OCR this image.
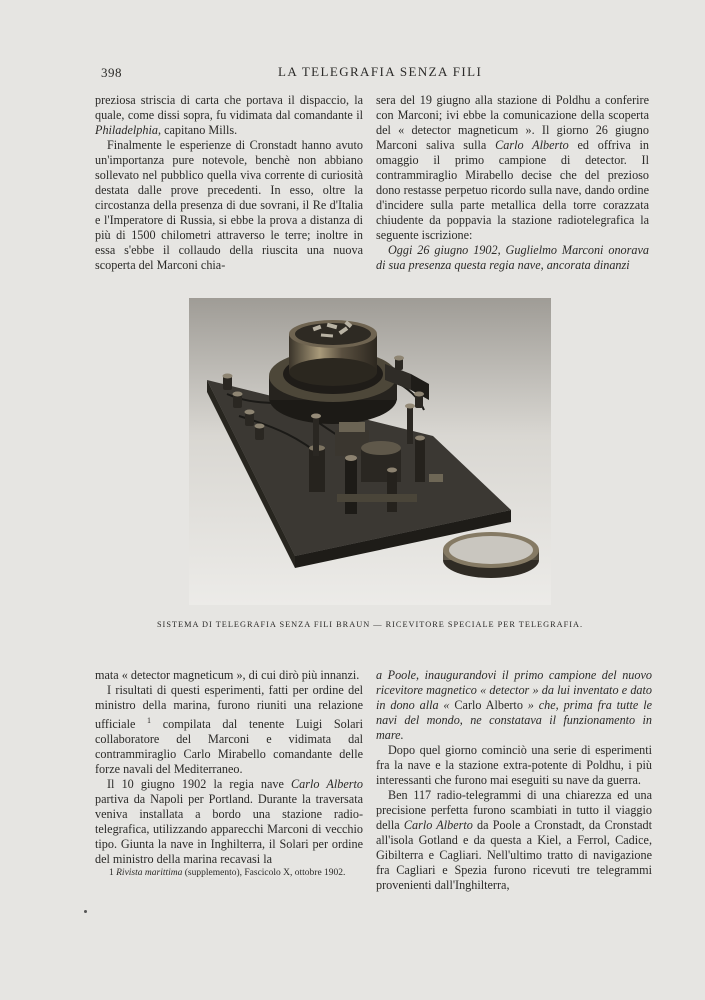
398	LA TELEGRAFIA SENZA FILI

preziosa striscia di carta che portava il dispaccio, la quale, come dissi sopra, fu vidimata dal comandante il Philadelphia, capitano Mills.

Finalmente le esperienze di Cronstadt hanno avuto un'importanza pure notevole, benchè non abbiano sollevato nel pubblico quella viva corrente di curiosità destata dalle prove precedenti. In esso, oltre la circostanza della presenza di due sovrani, il Re d'Italia e l'Imperatore di Russia, si ebbe la prova a distanza di più di 1500 chilometri attraverso le terre; inoltre in essa s'ebbe il collaudo della riuscita una nuova scoperta del Marconi chia-

sera del 19 giugno alla stazione di Poldhu a conferire con Marconi; ivi ebbe la comunicazione della scoperta del « detector magneticum ». Il giorno 26 giugno Marconi saliva sulla Carlo Alberto ed offriva in omaggio il primo campione di detector. Il contrammiraglio Mirabello decise che del prezioso dono restasse perpetuo ricordo sulla nave, dando ordine d'incidere sulla parte metallica della torre corazzata chiudente da poppavia la stazione radiotelegrafica la seguente iscrizione:

Oggi 26 giugno 1902, Guglielmo Marconi onorava di sua presenza questa regia nave, ancorata dinanzi

SISTEMA DI TELEGRAFIA SENZA FILI BRAUN — RICEVITORE SPECIALE PER TELEGRAFIA.

mata « detector magneticum », di cui dirò più innanzi.

I risultati di questi esperimenti, fatti per ordine del ministro della marina, furono riuniti una relazione ufficiale $^1$ compilata dal tenente Luigi Solari collaboratore del Marconi e vidimata dal contrammiraglio Carlo Mirabello comandante delle forze navali del Mediterraneo.

Il 10 giugno 1902 la regia nave Carlo Alberto partiva da Napoli per Portland. Durante la traversata veniva installata a bordo una stazione radio-telegrafica, utilizzando apparecchi Marconi di vecchio tipo. Giunta la nave in Inghilterra, il Solari per ordine del ministro della marina recavasi la

1 Rivista marittima (supplemento), Fascicolo X, ottobre 1902.

a Poole, inaugurandovi il primo campione del nuovo ricevitore magnetico « detector » da lui inventato e dato in dono alla « Carlo Alberto » che, prima fra tutte le navi del mondo, ne constatava il funzionamento in mare.

Dopo quel giorno cominciò una serie di esperimenti fra la nave e la stazione extra-potente di Poldhu, i più interessanti che furono mai eseguiti su nave da guerra.

Ben 117 radio-telegrammi di una chiarezza ed una precisione perfetta furono scambiati in tutto il viaggio della Carlo Alberto da Poole a Cronstadt, da Cronstadt all'isola Gotland e da questa a Kiel, a Ferrol, Cadice, Gibilterra e Cagliari. Nell'ultimo tratto di navigazione fra Cagliari e Spezia furono ricevuti tre telegrammi provenienti dall'Inghilterra,
